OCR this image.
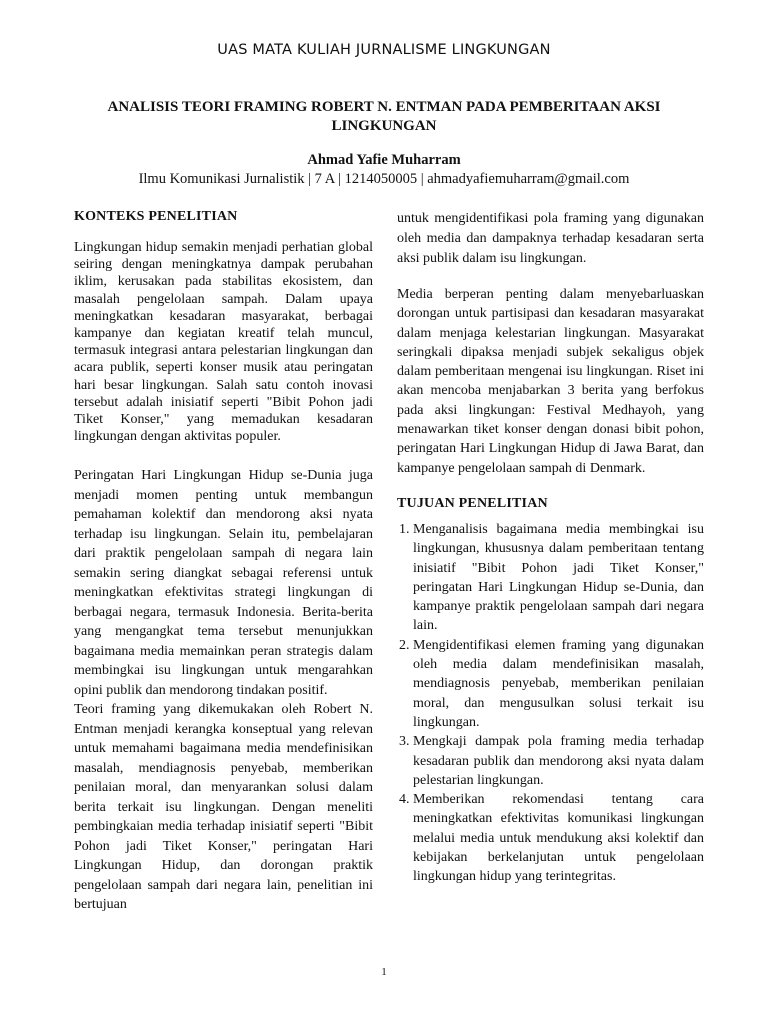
UAS MATA KULIAH JURNALISME LINGKUNGAN
ANALISIS TEORI FRAMING ROBERT N. ENTMAN PADA PEMBERITAAN AKSI LINGKUNGAN
Ahmad Yafie Muharram
Ilmu Komunikasi Jurnalistik | 7 A | 1214050005 | ahmadyafiemuharram@gmail.com
KONTEKS PENELITIAN

Lingkungan hidup semakin menjadi perhatian global seiring dengan meningkatnya dampak perubahan iklim, kerusakan pada stabilitas ekosistem, dan masalah pengelolaan sampah. Dalam upaya meningkatkan kesadaran masyarakat, berbagai kampanye dan kegiatan kreatif telah muncul, termasuk integrasi antara pelestarian lingkungan dan acara publik, seperti konser musik atau peringatan hari besar lingkungan. Salah satu contoh inovasi tersebut adalah inisiatif seperti "Bibit Pohon jadi Tiket Konser," yang memadukan kesadaran lingkungan dengan aktivitas populer.

Peringatan Hari Lingkungan Hidup se-Dunia juga menjadi momen penting untuk membangun pemahaman kolektif dan mendorong aksi nyata terhadap isu lingkungan. Selain itu, pembelajaran dari praktik pengelolaan sampah di negara lain semakin sering diangkat sebagai referensi untuk meningkatkan efektivitas strategi lingkungan di berbagai negara, termasuk Indonesia. Berita-berita yang mengangkat tema tersebut menunjukkan bagaimana media memainkan peran strategis dalam membingkai isu lingkungan untuk mengarahkan opini publik dan mendorong tindakan positif.

Teori framing yang dikemukakan oleh Robert N. Entman menjadi kerangka konseptual yang relevan untuk memahami bagaimana media mendefinisikan masalah, mendiagnosis penyebab, memberikan penilaian moral, dan menyarankan solusi dalam berita terkait isu lingkungan. Dengan meneliti pembingkaian media terhadap inisiatif seperti "Bibit Pohon jadi Tiket Konser," peringatan Hari Lingkungan Hidup, dan dorongan praktik pengelolaan sampah dari negara lain, penelitian ini bertujuan

untuk mengidentifikasi pola framing yang digunakan oleh media dan dampaknya terhadap kesadaran serta aksi publik dalam isu lingkungan.

Media berperan penting dalam menyebarluaskan dorongan untuk partisipasi dan kesadaran masyarakat dalam menjaga kelestarian lingkungan. Masyarakat seringkali dipaksa menjadi subjek sekaligus objek dalam pemberitaan mengenai isu lingkungan. Riset ini akan mencoba menjabarkan 3 berita yang berfokus pada aksi lingkungan: Festival Medhayoh, yang menawarkan tiket konser dengan donasi bibit pohon, peringatan Hari Lingkungan Hidup di Jawa Barat, dan kampanye pengelolaan sampah di Denmark.

TUJUAN PENELITIAN
1. Menganalisis bagaimana media membingkai isu lingkungan, khususnya dalam pemberitaan tentang inisiatif "Bibit Pohon jadi Tiket Konser," peringatan Hari Lingkungan Hidup se-Dunia, dan kampanye praktik pengelolaan sampah dari negara lain.
2. Mengidentifikasi elemen framing yang digunakan oleh media dalam mendefinisikan masalah, mendiagnosis penyebab, memberikan penilaian moral, dan mengusulkan solusi terkait isu lingkungan.
3. Mengkaji dampak pola framing media terhadap kesadaran publik dan mendorong aksi nyata dalam pelestarian lingkungan.
4. Memberikan rekomendasi tentang cara meningkatkan efektivitas komunikasi lingkungan melalui media untuk mendukung aksi kolektif dan kebijakan berkelanjutan untuk pengelolaan lingkungan hidup yang terintegritas.
1
